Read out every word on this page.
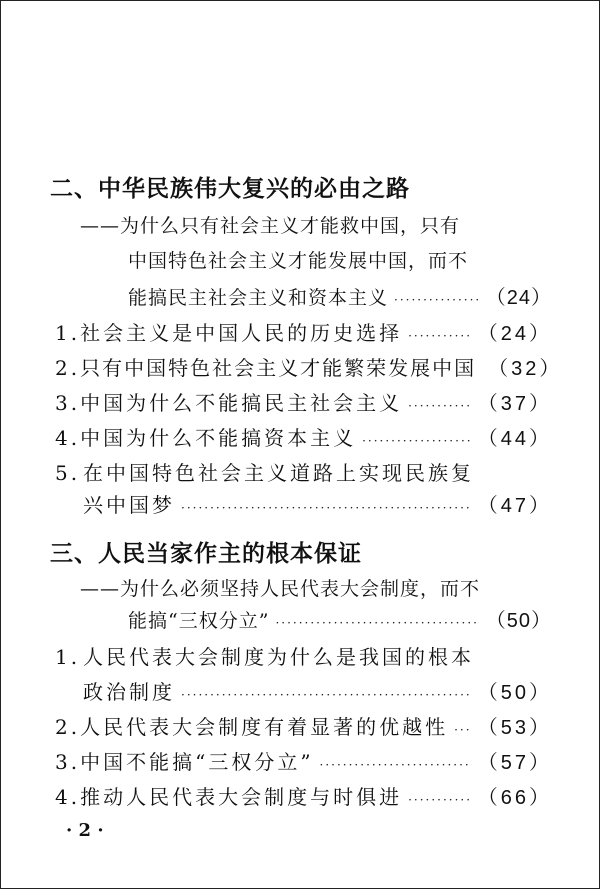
二、中华民族伟大复兴的必由之路
——为什么只有社会主义才能救中国，只有
中国特色社会主义才能发展中国，而不
能搞民主社会主义和资本主义 ·····	（24）
1. 社会主义是中国人民的历史选择 ·····	（24）
2. 只有中国特色社会主义才能繁荣发展中国 （32）
3. 中国为什么不能搞民主社会主义 ·····	（37）
4. 中国为什么不能搞资本主义 ·····	（44）
5. 在中国特色社会主义道路上实现民族复
兴中国梦 ·····	（47）
三、人民当家作主的根本保证
——为什么必须坚持人民代表大会制度，而不
能搞“三权分立” ·····	（50）
1. 人民代表大会制度为什么是我国的根本
政治制度 ·····	（50）
2. 人民代表大会制度有着显著的优越性 ····· （53）
3. 中国不能搞“三权分立” ·····	（57）
4. 推动人民代表大会制度与时俱进 ·····	（66）
· 2 ·
